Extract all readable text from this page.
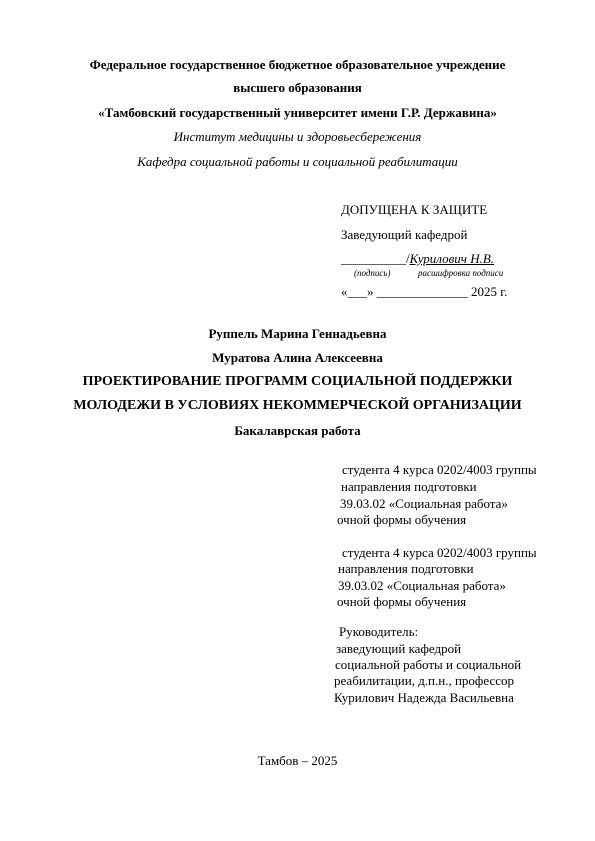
Федеральное государственное бюджетное образовательное учреждение
высшего образования
«Тамбовский государственный университет имени Г.Р. Державина»
Институт медицины и здоровьесбережения
Кафедра социальной работы и социальной реабилитации
ДОПУЩЕНА К ЗАЩИТЕ
Заведующий кафедрой
__________/Курилович Н.В.
(подпись)	расшифровка подписи
«___» ______________ 2025 г.
Руппель Марина Геннадьевна
Муратова Алина Алексеевна
ПРОЕКТИРОВАНИЕ ПРОГРАММ СОЦИАЛЬНОЙ ПОДДЕРЖКИ
МОЛОДЕЖИ В УСЛОВИЯХ НЕКОММЕРЧЕСКОЙ ОРГАНИЗАЦИИ
Бакалаврская работа
студента 4 курса 0202/4003 группы
направления подготовки
39.03.02 «Социальная работа»
очной формы обучения
студента 4 курса 0202/4003 группы
направления подготовки
39.03.02 «Социальная работа»
очной формы обучения
Руководитель:
заведующий кафедрой
социальной работы и социальной
реабилитации, д.п.н., профессор
Курилович Надежда Васильевна
Тамбов – 2025
